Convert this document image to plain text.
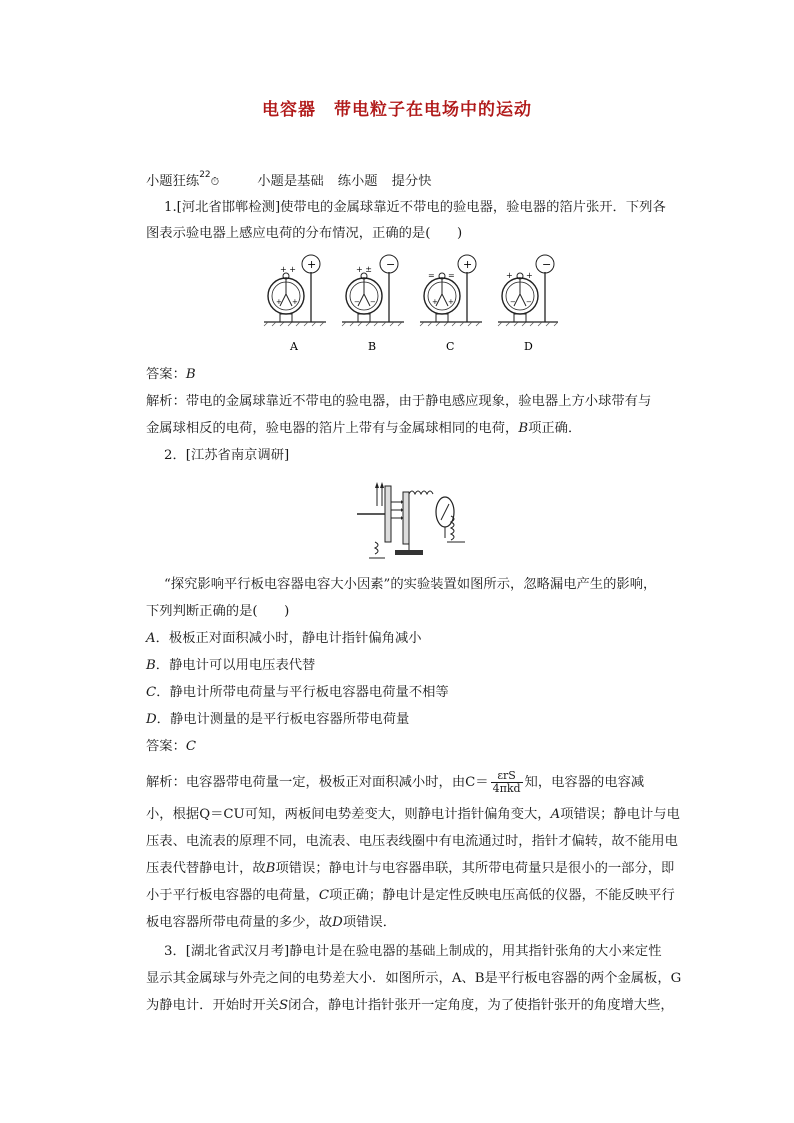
电容器 带电粒子在电场中的运动
小题狂练$^{22}$⏱	小题是基础 练小题 提分快
1.[河北省邯郸检测]使带电的金属球靠近不带电的验电器，验电器的箔片张开．下列各
图表示验电器上感应电荷的分布情况，正确的是(　　)
+ +
+ +
+	+ ±
− −
−
= =
+ +
+
+ +
− −
−
A	B	C	D
答案：B
解析：带电的金属球靠近不带电的验电器，由于静电感应现象，验电器上方小球带有与
金属球相反的电荷，验电器的箔片上带有与金属球相同的电荷，B项正确．
2．[江苏省南京调研]
“探究影响平行板电容器电容大小因素”的实验装置如图所示，忽略漏电产生的影响，
下列判断正确的是(　　)
A．极板正对面积减小时，静电计指针偏角减小
B．静电计可以用电压表代替
C．静电计所带电荷量与平行板电容器电荷量不相等
D．静电计测量的是平行板电容器所带电荷量
答案：C
解析：电容器带电荷量一定，极板正对面积减小时，由$C= \frac{\text{εrS}}{\text{4πkd}}$ 知，电容器的电容减
小，根据Q＝CU可知，两板间电势差变大，则静电计指针偏角变大，A项错误；静电计与电
压表、电流表的原理不同，电流表、电压表线圈中有电流通过时，指针才偏转，故不能用电
压表代替静电计，故B项错误；静电计与电容器串联，其所带电荷量只是很小的一部分，即
小于平行板电容器的电荷量，C项正确；静电计是定性反映电压高低的仪器，不能反映平行
板电容器所带电荷量的多少，故D项错误．
3．[湖北省武汉月考]静电计是在验电器的基础上制成的，用其指针张角的大小来定性
显示其金属球与外壳之间的电势差大小．如图所示，A、B是平行板电容器的两个金属板，G
为静电计．开始时开关S闭合，静电计指针张开一定角度，为了使指针张开的角度增大些，
